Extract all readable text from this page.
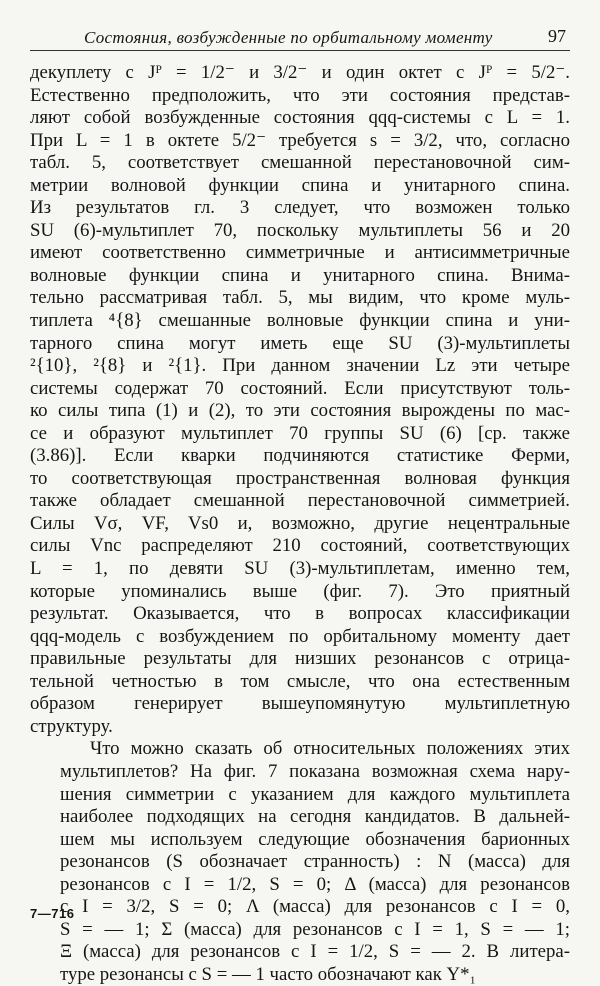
Состояния, возбужденные по орбитальному моменту	97
декуплету с Jᴾ = 1/2⁻ и 3/2⁻ и один октет с Jᴾ = 5/2⁻.
Естественно предположить, что эти состояния представ-
ляют собой возбужденные состояния qqq-системы с L = 1.
При L = 1 в октете 5/2⁻ требуется s = 3/2, что, согласно
табл. 5, соответствует смешанной перестановочной сим-
метрии волновой функции спина и унитарного спина.
Из результатов гл. 3 следует, что возможен только
SU (6)-мультиплет 70, поскольку мультиплеты 56 и 20
имеют соответственно симметричные и антисимметричные
волновые функции спина и унитарного спина. Внима-
тельно рассматривая табл. 5, мы видим, что кроме муль-
типлета ⁴{8} смешанные волновые функции спина и уни-
тарного спина могут иметь еще SU (3)-мультиплеты
²{10}, ²{8} и ²{1}. При данном значении Lz эти четыре
системы содержат 70 состояний. Если присутствуют толь-
ко силы типа (1) и (2), то эти состояния вырождены по мас-
се и образуют мультиплет 70 группы SU (6) [ср. также
(3.86)]. Если кварки подчиняются статистике Ферми,
то соответствующая пространственная волновая функция
также обладает смешанной перестановочной симметрией.
Силы Vσ, VF, Vs0 и, возможно, другие нецентральные
силы Vnc распределяют 210 состояний, соответствующих
L = 1, по девяти SU (3)-мультиплетам, именно тем,
которые упоминались выше (фиг. 7). Это приятный
результат. Оказывается, что в вопросах классификации
qqq-модель с возбуждением по орбитальному моменту дает
правильные результаты для низших резонансов с отрица-
тельной четностью в том смысле, что она естественным
образом генерирует вышеупомянутую мультиплетную
структуру.
Что можно сказать об относительных положениях этих
мультиплетов? На фиг. 7 показана возможная схема нару-
шения симметрии с указанием для каждого мультиплета
наиболее подходящих на сегодня кандидатов. В дальней-
шем мы используем следующие обозначения барионных
резонансов (S обозначает странность) : N (масса) для
резонансов с I = 1/2, S = 0; Δ (масса) для резонансов
с I = 3/2, S = 0; Λ (масса) для резонансов с I = 0,
S = — 1; Σ (масса) для резонансов с I = 1, S = — 1;
Ξ (масса) для резонансов с I = 1/2, S = — 2. В литера-
туре резонансы с S = — 1 часто обозначают как Y*₁
7—716
